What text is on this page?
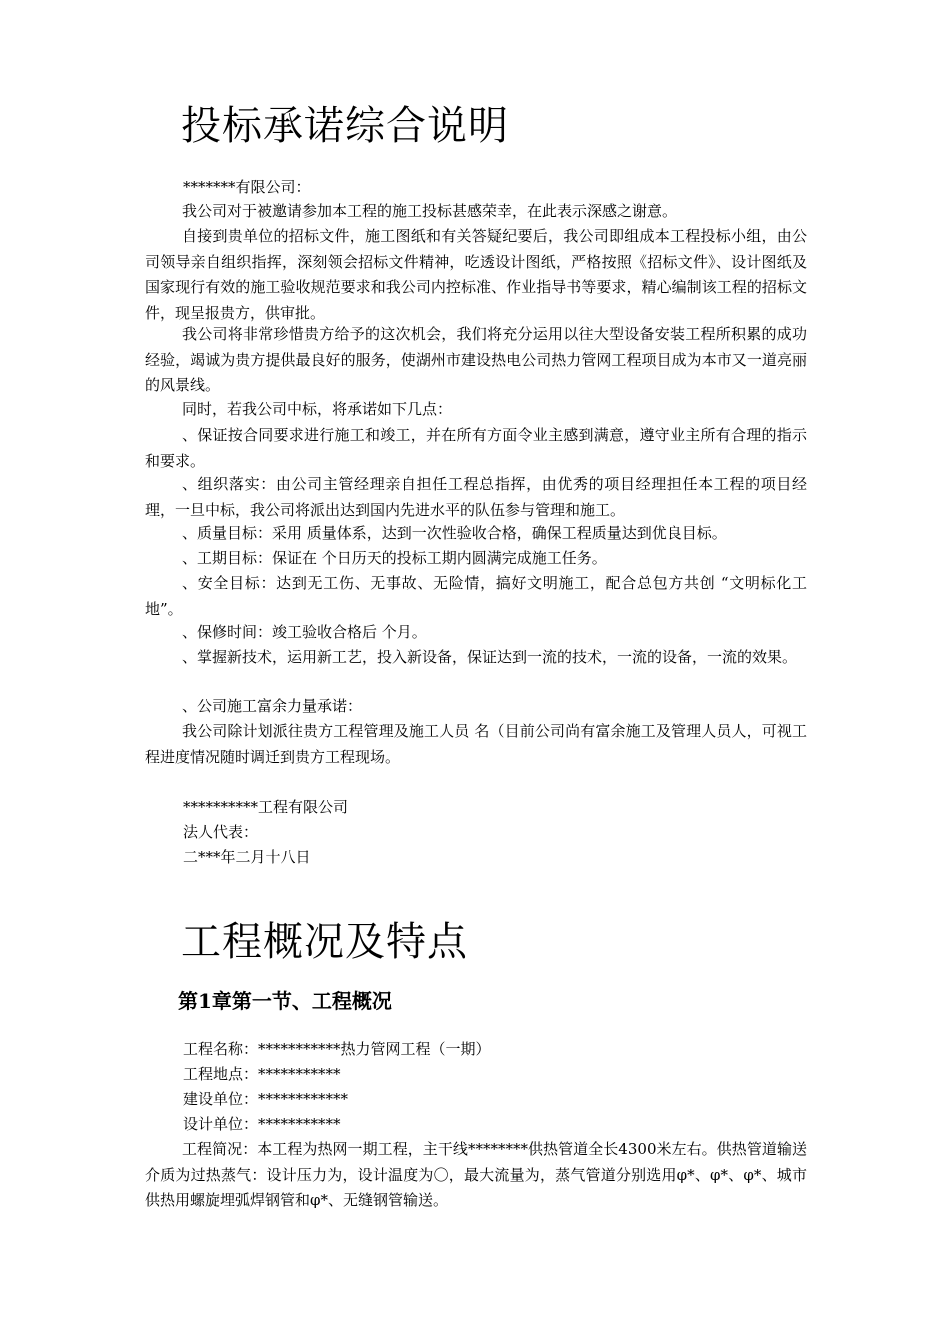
投标承诺综合说明

*******有限公司：

我公司对于被邀请参加本工程的施工投标甚感荣幸，在此表示深感之谢意。

自接到贵单位的招标文件，施工图纸和有关答疑纪要后，我公司即组成本工程投标小组，由公司领导亲自组织指挥，深刻领会招标文件精神，吃透设计图纸，严格按照《招标文件》、设计图纸及国家现行有效的施工验收规范要求和我公司内控标准、作业指导书等要求，精心编制该工程的招标文件，现呈报贵方，供审批。

我公司将非常珍惜贵方给予的这次机会，我们将充分运用以往大型设备安装工程所积累的成功经验，竭诚为贵方提供最良好的服务，使湖州市建设热电公司热力管网工程项目成为本市又一道亮丽的风景线。

同时，若我公司中标，将承诺如下几点：

、保证按合同要求进行施工和竣工，并在所有方面令业主感到满意，遵守业主所有合理的指示和要求。

、组织落实：由公司主管经理亲自担任工程总指挥，由优秀的项目经理担任本工程的项目经理，一旦中标，我公司将派出达到国内先进水平的队伍参与管理和施工。

、质量目标：采用 质量体系，达到一次性验收合格，确保工程质量达到优良目标。

、工期目标：保证在 个日历天的投标工期内圆满完成施工任务。

、安全目标：达到无工伤、无事故、无险情，搞好文明施工，配合总包方共创 “文明标化工地”。

、保修时间：竣工验收合格后 个月。

、掌握新技术，运用新工艺，投入新设备，保证达到一流的技术，一流的设备，一流的效果。

、公司施工富余力量承诺：

我公司除计划派往贵方工程管理及施工人员 名（目前公司尚有富余施工及管理人员人，可视工程进度情况随时调迁到贵方工程现场。

**********工程有限公司

法人代表：

二***年二月十八日

工程概况及特点
第1章第一节、工程概况

工程名称：***********热力管网工程（一期）

工程地点：***********

建设单位：************

设计单位：***********

工程简况：本工程为热网一期工程，主干线********供热管道全长4300米左右。供热管道输送介质为过热蒸气：设计压力为，设计温度为〇，最大流量为，蒸气管道分别选用φ*、φ*、φ*、城市供热用螺旋埋弧焊钢管和φ*、无缝钢管输送。
